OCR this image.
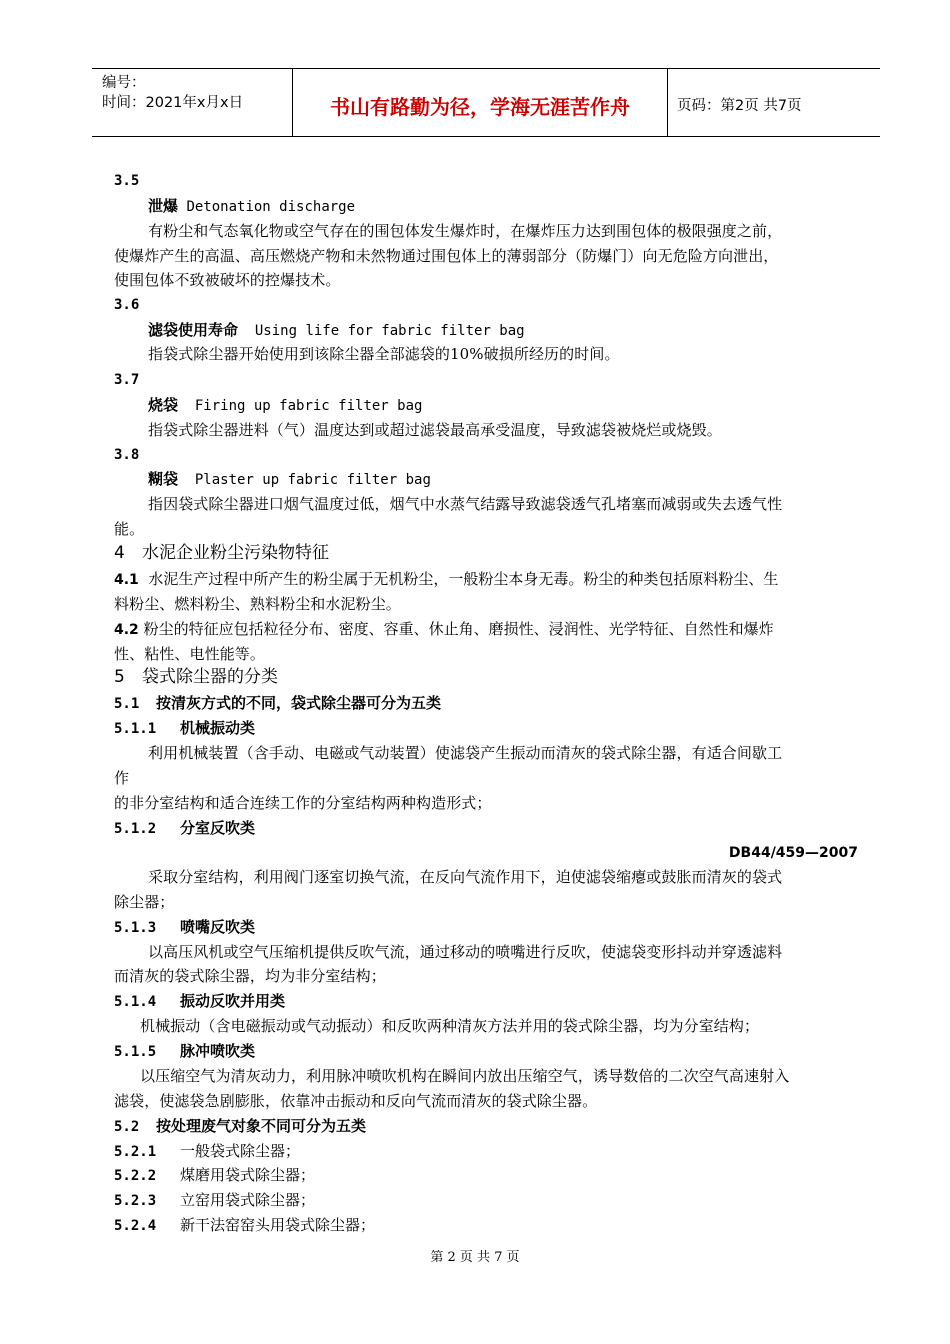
编号：
时间：2021年x月x日	书山有路勤为径，学海无涯苦作舟	页码：第2页 共7页
3.5
泄爆 Detonation discharge
有粉尘和气态氧化物或空气存在的围包体发生爆炸时，在爆炸压力达到围包体的极限强度之前，
使爆炸产生的高温、高压燃烧产物和未然物通过围包体上的薄弱部分（防爆门）向无危险方向泄出，
使围包体不致被破坏的控爆技术。
3.6
滤袋使用寿命 Using life for fabric filter bag
指袋式除尘器开始使用到该除尘器全部滤袋的10%破损所经历的时间。
3.7
烧袋 Firing up fabric filter bag
指袋式除尘器进料（气）温度达到或超过滤袋最高承受温度，导致滤袋被烧烂或烧毁。
3.8
糊袋 Plaster up fabric filter bag
指因袋式除尘器进口烟气温度过低，烟气中水蒸气结露导致滤袋透气孔堵塞而减弱或失去透气性
能。
4 水泥企业粉尘污染物特征
4.1 水泥生产过程中所产生的粉尘属于无机粉尘，一般粉尘本身无毒。粉尘的种类包括原料粉尘、生
料粉尘、燃料粉尘、熟料粉尘和水泥粉尘。
4.2 粉尘的特征应包括粒径分布、密度、容重、休止角、磨损性、浸润性、光学特征、自然性和爆炸
性、粘性、电性能等。
5 袋式除尘器的分类
5.1 按清灰方式的不同，袋式除尘器可分为五类
5.1.1 机械振动类
利用机械装置（含手动、电磁或气动装置）使滤袋产生振动而清灰的袋式除尘器，有适合间歇工
作
的非分室结构和适合连续工作的分室结构两种构造形式；
5.1.2 分室反吹类
DB44/459—2007
采取分室结构，利用阀门逐室切换气流，在反向气流作用下，迫使滤袋缩瘪或鼓胀而清灰的袋式
除尘器；
5.1.3 喷嘴反吹类
以高压风机或空气压缩机提供反吹气流，通过移动的喷嘴进行反吹，使滤袋变形抖动并穿透滤料
而清灰的袋式除尘器，均为非分室结构；
5.1.4 振动反吹并用类
机械振动（含电磁振动或气动振动）和反吹两种清灰方法并用的袋式除尘器，均为分室结构；
5.1.5 脉冲喷吹类
以压缩空气为清灰动力，利用脉冲喷吹机构在瞬间内放出压缩空气，诱导数倍的二次空气高速射入
滤袋，使滤袋急剧膨胀，依靠冲击振动和反向气流而清灰的袋式除尘器。
5.2 按处理废气对象不同可分为五类
5.2.1 一般袋式除尘器；
5.2.2 煤磨用袋式除尘器；
5.2.3 立窑用袋式除尘器；
5.2.4 新干法窑窑头用袋式除尘器；
第 2 页 共 7 页
